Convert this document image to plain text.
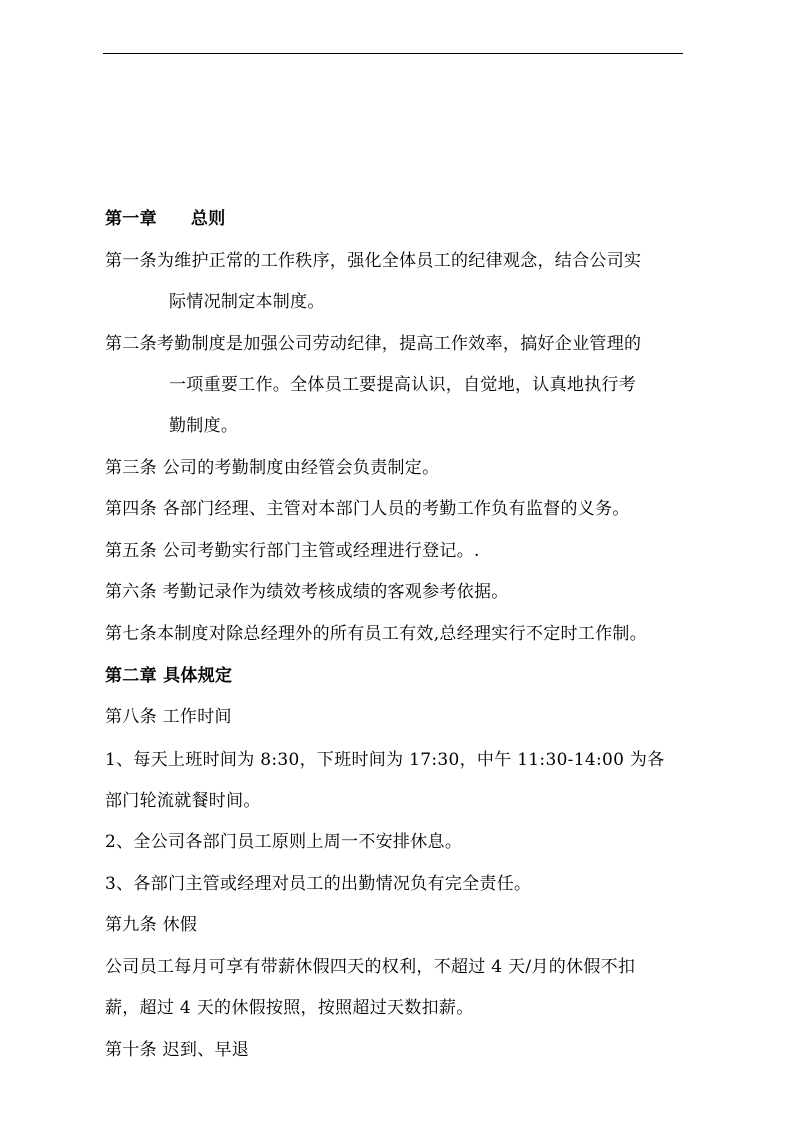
第一章 总则
第一条为维护正常的工作秩序，强化全体员工的纪律观念，结合公司实
际情况制定本制度。
第二条考勤制度是加强公司劳动纪律，提高工作效率，搞好企业管理的
一项重要工作。全体员工要提高认识，自觉地，认真地执行考
勤制度。
第三条 公司的考勤制度由经管会负责制定。
第四条 各部门经理、主管对本部门人员的考勤工作负有监督的义务。
第五条 公司考勤实行部门主管或经理进行登记。.
第六条 考勤记录作为绩效考核成绩的客观参考依据。
第七条本制度对除总经理外的所有员工有效,总经理实行不定时工作制。
第二章 具体规定
第八条 工作时间
1、每天上班时间为 8:30，下班时间为 17:30，中午 11:30-14:00 为各
部门轮流就餐时间。
2、全公司各部门员工原则上周一不安排休息。
3、各部门主管或经理对员工的出勤情况负有完全责任。
第九条 休假
公司员工每月可享有带薪休假四天的权利，不超过 4 天/月的休假不扣
薪，超过 4 天的休假按照，按照超过天数扣薪。
第十条 迟到、早退
